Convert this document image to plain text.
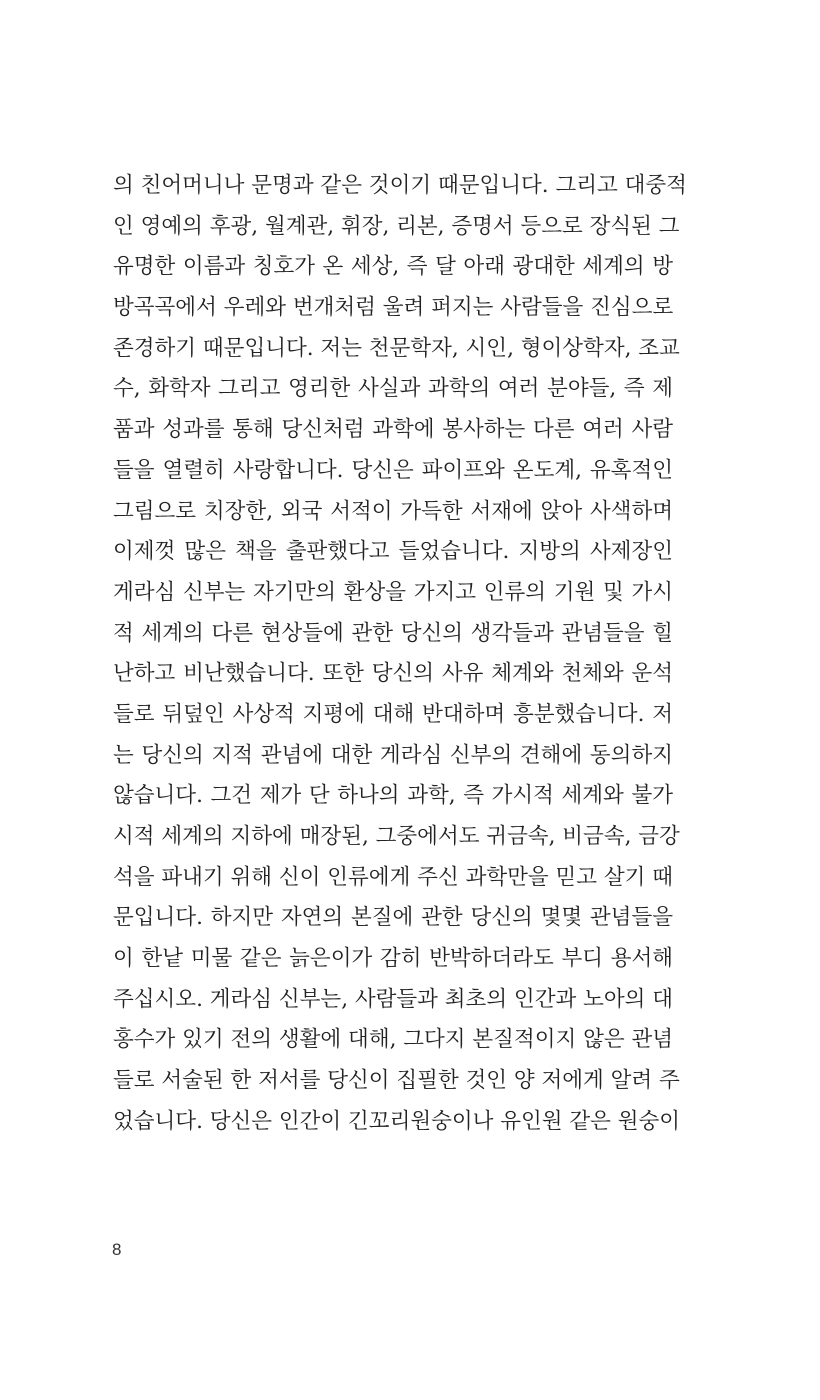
의 친어머니나 문명과 같은 것이기 때문입니다. 그리고 대중적
인 영예의 후광, 월계관, 휘장, 리본, 증명서 등으로 장식된 그
유명한 이름과 칭호가 온 세상, 즉 달 아래 광대한 세계의 방
방곡곡에서 우레와 번개처럼 울려 퍼지는 사람들을 진심으로
존경하기 때문입니다. 저는 천문학자, 시인, 형이상학자, 조교
수, 화학자 그리고 영리한 사실과 과학의 여러 분야들, 즉 제
품과 성과를 통해 당신처럼 과학에 봉사하는 다른 여러 사람
들을 열렬히 사랑합니다. 당신은 파이프와 온도계, 유혹적인
그림으로 치장한, 외국 서적이 가득한 서재에 앉아 사색하며
이제껏 많은 책을 출판했다고 들었습니다. 지방의 사제장인
게라심 신부는 자기만의 환상을 가지고 인류의 기원 및 가시
적 세계의 다른 현상들에 관한 당신의 생각들과 관념들을 힐
난하고 비난했습니다. 또한 당신의 사유 체계와 천체와 운석
들로 뒤덮인 사상적 지평에 대해 반대하며 흥분했습니다. 저
는 당신의 지적 관념에 대한 게라심 신부의 견해에 동의하지
않습니다. 그건 제가 단 하나의 과학, 즉 가시적 세계와 불가
시적 세계의 지하에 매장된, 그중에서도 귀금속, 비금속, 금강
석을 파내기 위해 신이 인류에게 주신 과학만을 믿고 살기 때
문입니다. 하지만 자연의 본질에 관한 당신의 몇몇 관념들을
이 한낱 미물 같은 늙은이가 감히 반박하더라도 부디 용서해
주십시오. 게라심 신부는, 사람들과 최초의 인간과 노아의 대
홍수가 있기 전의 생활에 대해, 그다지 본질적이지 않은 관념
들로 서술된 한 저서를 당신이 집필한 것인 양 저에게 알려 주
었습니다. 당신은 인간이 긴꼬리원숭이나 유인원 같은 원숭이
8
